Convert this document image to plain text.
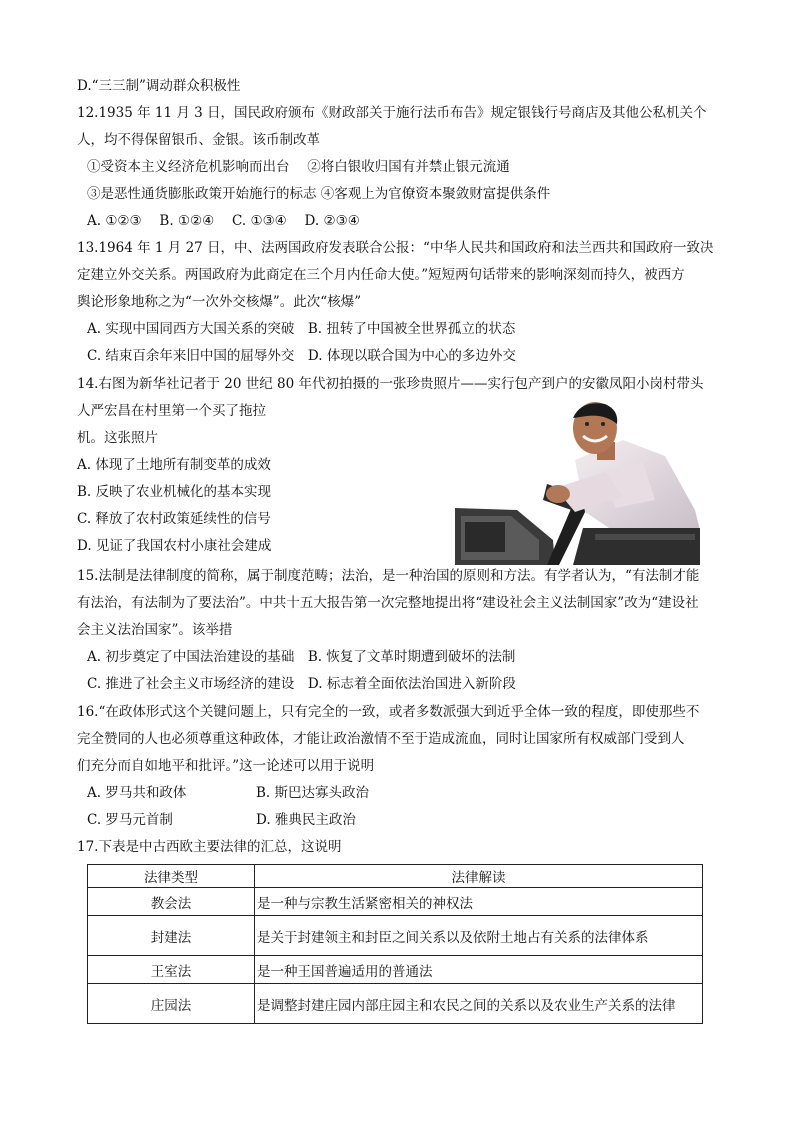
D.“三三制”调动群众积极性
12.1935 年 11 月 3 日，国民政府颁布《财政部关于施行法币布告》规定银钱行号商店及其他公私机关个
人，均不得保留银币、金银。该币制改革
①受资本主义经济危机影响而出台　 ②将白银收归国有并禁止银元流通
③是恶性通货膨胀政策开始施行的标志 ④客观上为官僚资本聚敛财富提供条件
A. ①②③　 B. ①②④　 C. ①③④　 D. ②③④
13.1964 年 1 月 27 日，中、法两国政府发表联合公报：“中华人民共和国政府和法兰西共和国政府一致决
定建立外交关系。两国政府为此商定在三个月内任命大使。”短短两句话带来的影响深刻而持久，被西方
舆论形象地称之为“一次外交核爆”。此次“核爆”
A. 实现中国同西方大国关系的突破　B. 扭转了中国被全世界孤立的状态
C. 结束百余年来旧中国的屈辱外交　D. 体现以联合国为中心的多边外交
14.右图为新华社记者于 20 世纪 80 年代初拍摄的一张珍贵照片——实行包产到户的安徽凤阳小岗村带头
人严宏昌在村里第一个买了拖拉
机。这张照片
A. 体现了土地所有制变革的成效
B. 反映了农业机械化的基本实现
C. 释放了农村政策延续性的信号
D. 见证了我国农村小康社会建成
15.法制是法律制度的简称，属于制度范畴；法治，是一种治国的原则和方法。有学者认为，“有法制才能
有法治，有法制为了要法治”。中共十五大报告第一次完整地提出将“建设社会主义法制国家”改为“建设社
会主义法治国家”。该举措
A. 初步奠定了中国法治建设的基础　B. 恢复了文革时期遭到破坏的法制
C. 推进了社会主义市场经济的建设　D. 标志着全面依法治国进入新阶段
16.“在政体形式这个关键问题上，只有完全的一致，或者多数派强大到近乎全体一致的程度，即使那些不
完全赞同的人也必须尊重这种政体，才能让政治激情不至于造成流血，同时让国家所有权威部门受到人
们充分而自如地平和批评。”这一论述可以用于说明
A. 罗马共和政体	B. 斯巴达寡头政治
C. 罗马元首制	D. 雅典民主政治
17.下表是中古西欧主要法律的汇总，这说明
法律类型	法律解读
教会法	是一种与宗教生活紧密相关的神权法
封建法	是关于封建领主和封臣之间关系以及依附土地占有关系的法律体系
王室法	是一种王国普遍适用的普通法
庄园法	是调整封建庄园内部庄园主和农民之间的关系以及农业生产关系的法律
